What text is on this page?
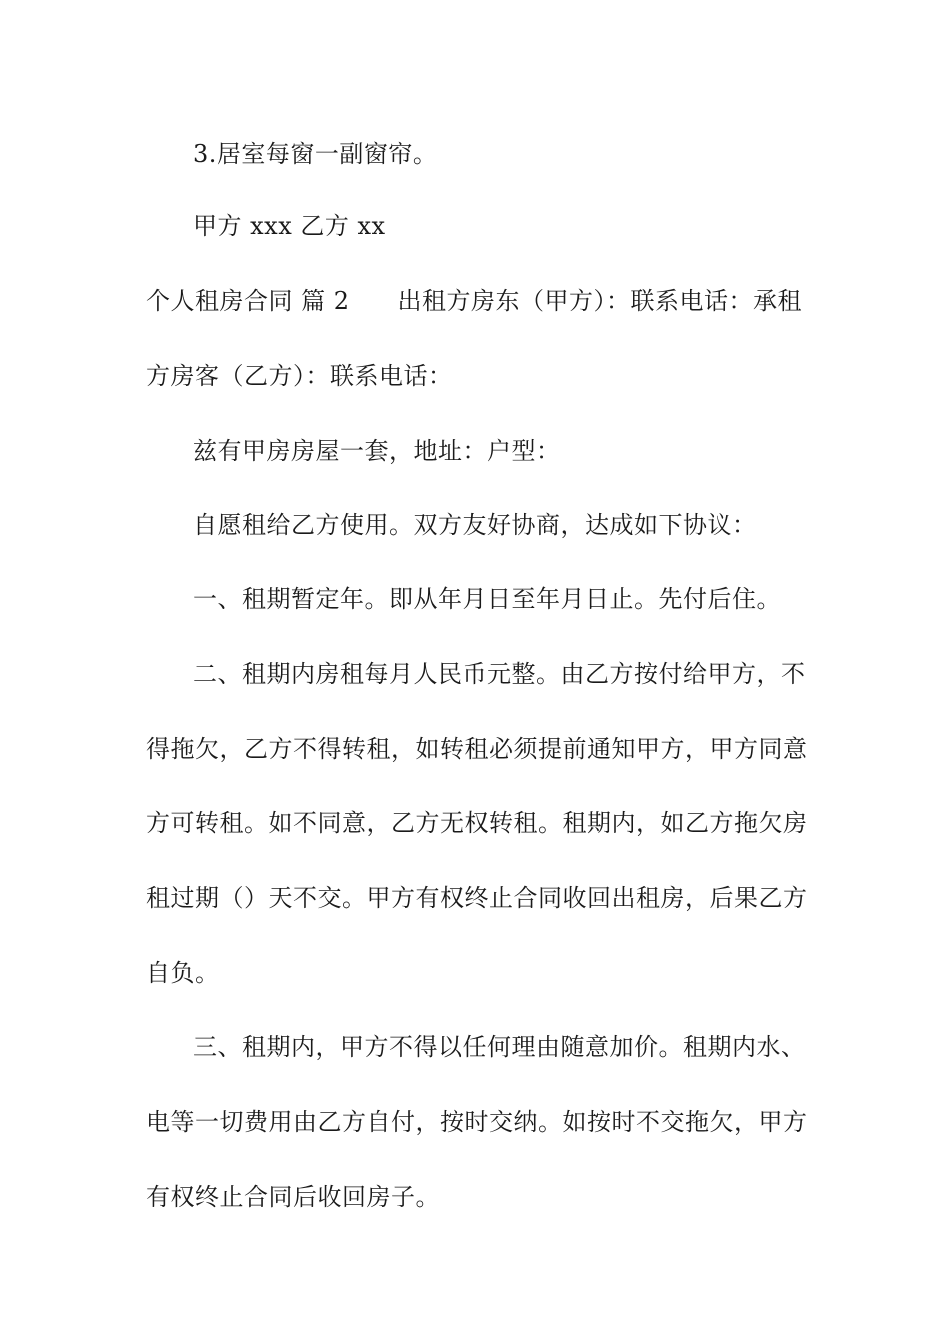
3.居室每窗一副窗帘。
甲方 xxx 乙方 xx
个人租房合同 篇 2 出租方房东（甲方）：联系电话：承租
方房客（乙方）：联系电话：
兹有甲房房屋一套，地址：户型：
自愿租给乙方使用。双方友好协商，达成如下协议：
一、租期暂定年。即从年月日至年月日止。先付后住。
二、租期内房租每月人民币元整。由乙方按付给甲方，不
得拖欠，乙方不得转租，如转租必须提前通知甲方，甲方同意
方可转租。如不同意，乙方无权转租。租期内，如乙方拖欠房
租过期（）天不交。甲方有权终止合同收回出租房，后果乙方
自负。
三、租期内，甲方不得以任何理由随意加价。租期内水、
电等一切费用由乙方自付，按时交纳。如按时不交拖欠，甲方
有权终止合同后收回房子。
